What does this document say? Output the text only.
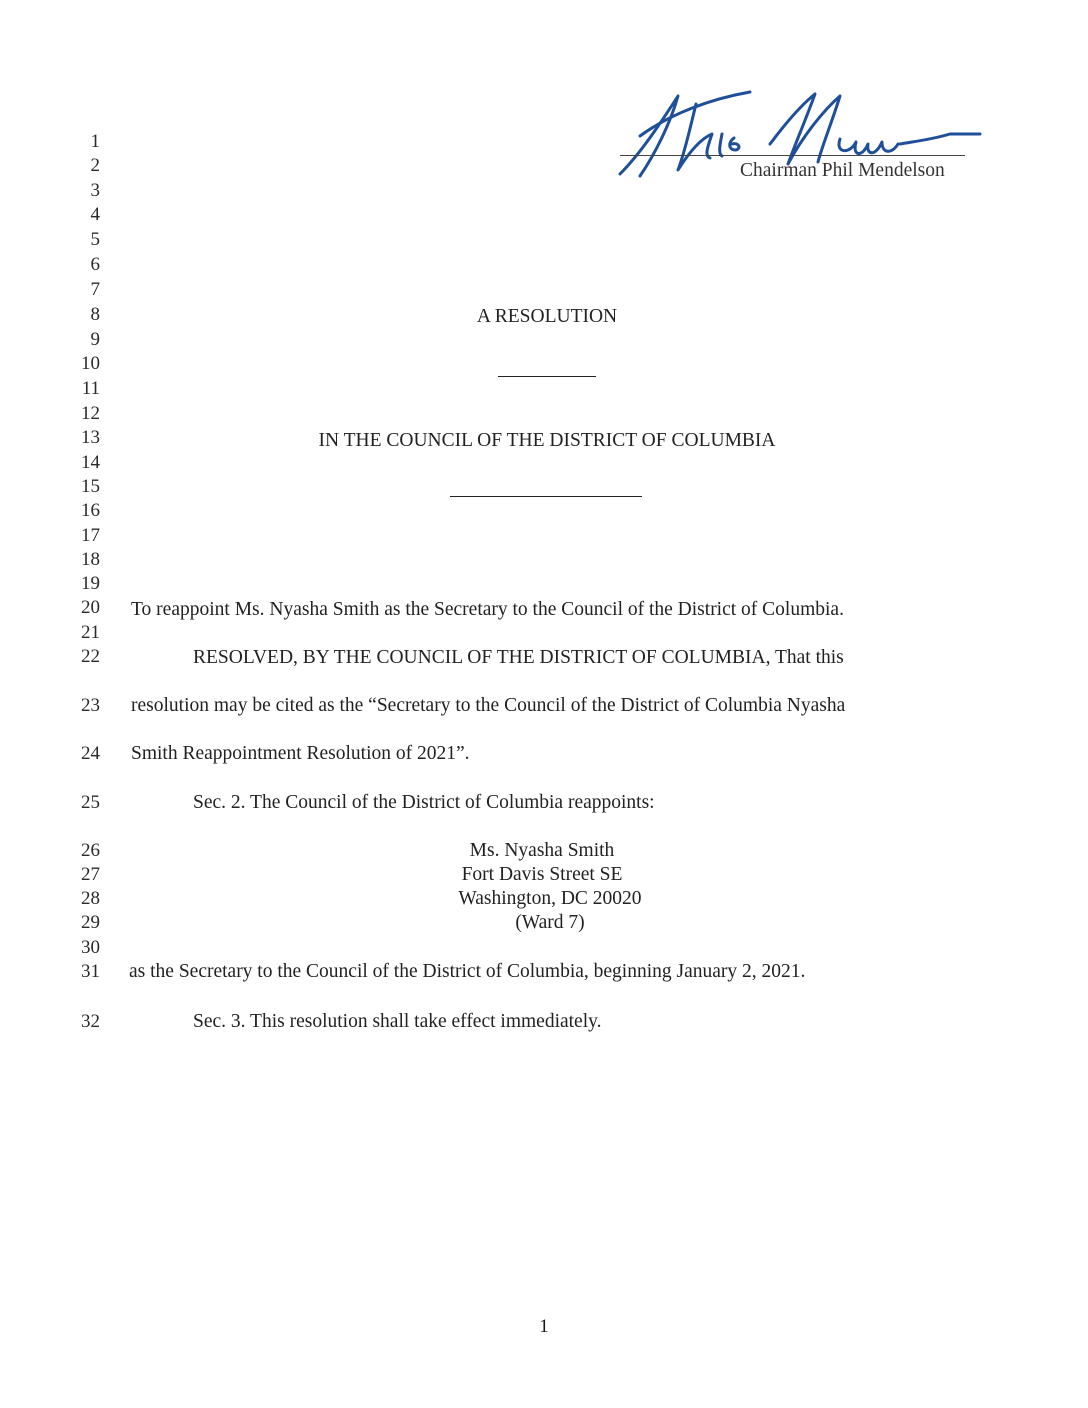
Chairman Phil Mendelson
1
2
3
4
5
6
7
8
9
10
11
12
13
14
15
16
17
18
19
20
21
22
23
24
25
26
27
28
29
30
31
32
A RESOLUTION
IN THE COUNCIL OF THE DISTRICT OF COLUMBIA
To reappoint Ms. Nyasha Smith as the Secretary to the Council of the District of Columbia.
RESOLVED, BY THE COUNCIL OF THE DISTRICT OF COLUMBIA, That this
resolution may be cited as the “Secretary to the Council of the District of Columbia Nyasha
Smith Reappointment Resolution of 2021”.
Sec. 2. The Council of the District of Columbia reappoints:
Ms. Nyasha Smith
Fort Davis Street SE
Washington, DC 20020
(Ward 7)
as the Secretary to the Council of the District of Columbia, beginning January 2, 2021.
Sec. 3. This resolution shall take effect immediately.
1
